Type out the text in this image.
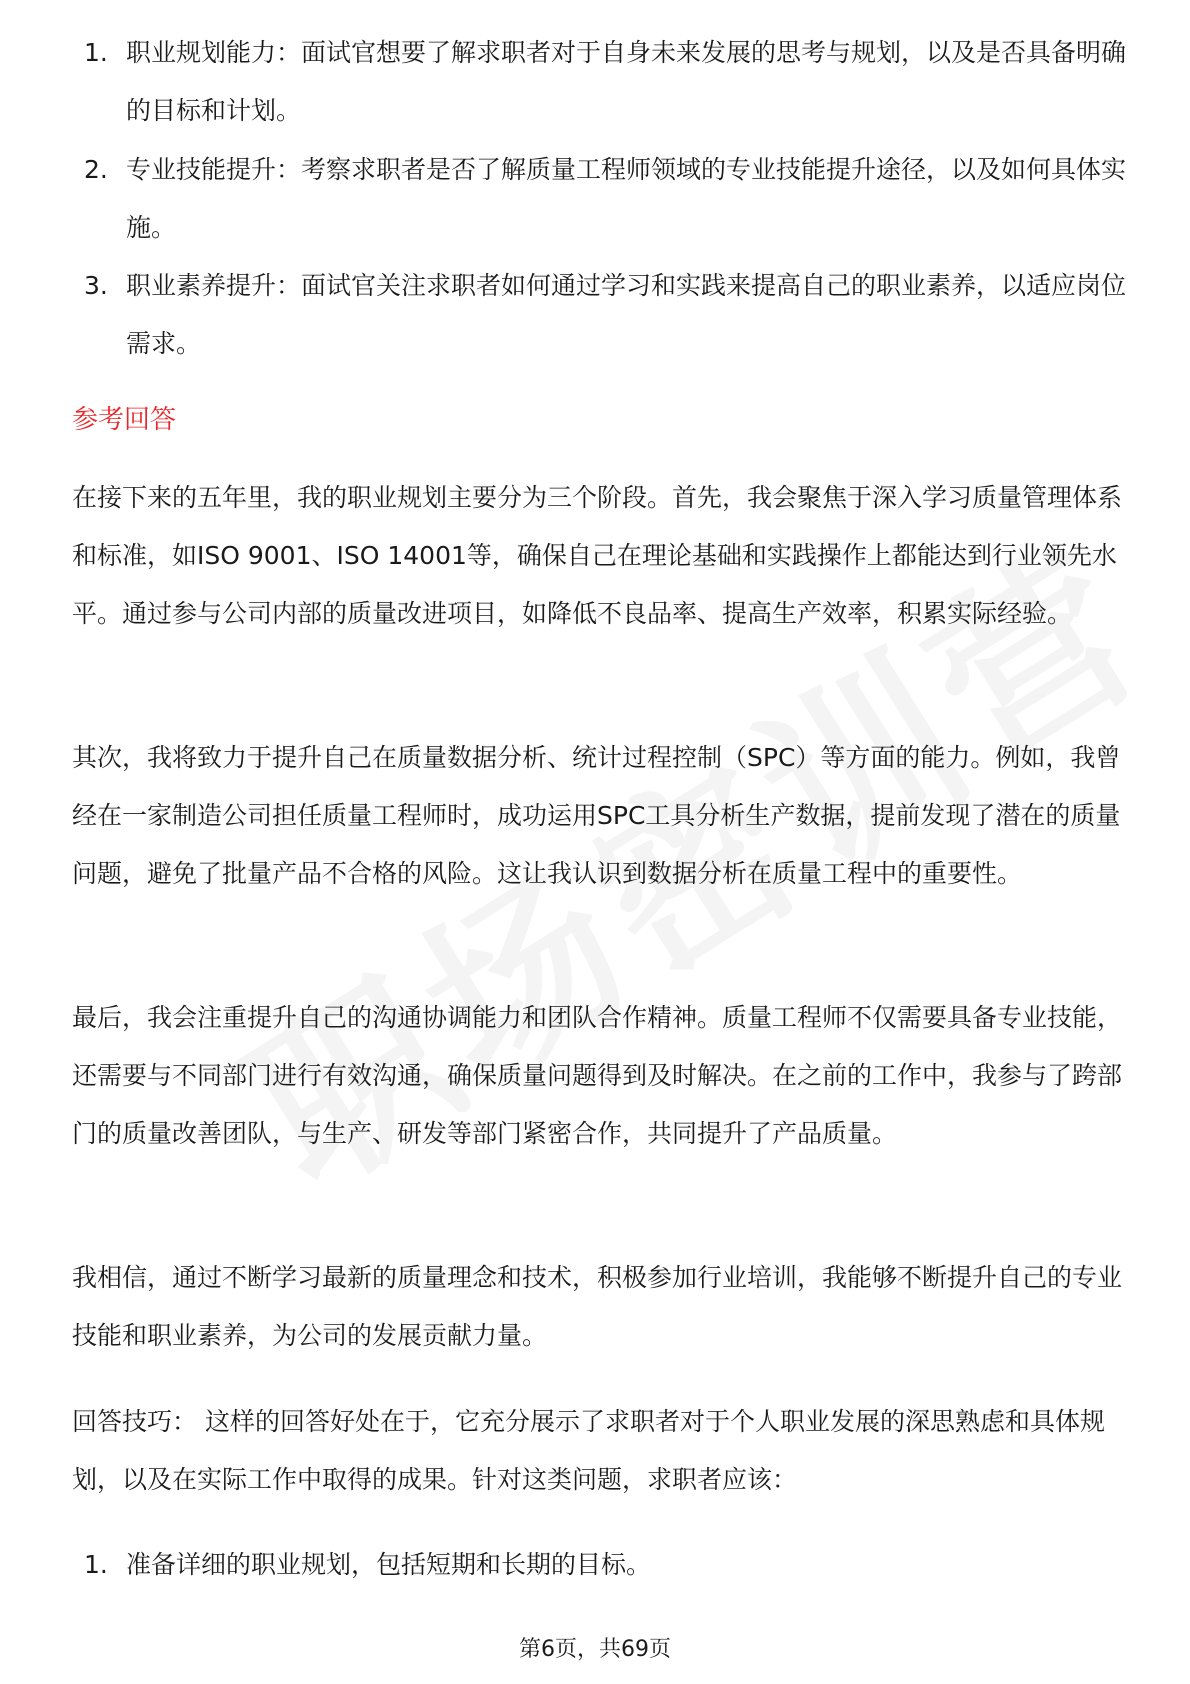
1. 职业规划能力：面试官想要了解求职者对于自身未来发展的思考与规划，以及是否具备明确的目标和计划。
2. 专业技能提升：考察求职者是否了解质量工程师领域的专业技能提升途径，以及如何具体实施。
3. 职业素养提升：面试官关注求职者如何通过学习和实践来提高自己的职业素养，以适应岗位需求。
参考回答
在接下来的五年里，我的职业规划主要分为三个阶段。首先，我会聚焦于深入学习质量管理体系和标准，如ISO 9001、ISO 14001等，确保自己在理论基础和实践操作上都能达到行业领先水平。通过参与公司内部的质量改进项目，如降低不良品率、提高生产效率，积累实际经验。
其次，我将致力于提升自己在质量数据分析、统计过程控制（SPC）等方面的能力。例如，我曾经在一家制造公司担任质量工程师时，成功运用SPC工具分析生产数据，提前发现了潜在的质量问题，避免了批量产品不合格的风险。这让我认识到数据分析在质量工程中的重要性。
最后，我会注重提升自己的沟通协调能力和团队合作精神。质量工程师不仅需要具备专业技能，还需要与不同部门进行有效沟通，确保质量问题得到及时解决。在之前的工作中，我参与了跨部门的质量改善团队，与生产、研发等部门紧密合作，共同提升了产品质量。
我相信，通过不断学习最新的质量理念和技术，积极参加行业培训，我能够不断提升自己的专业技能和职业素养，为公司的发展贡献力量。
回答技巧： 这样的回答好处在于，它充分展示了求职者对于个人职业发展的深思熟虑和具体规划，以及在实际工作中取得的成果。针对这类问题，求职者应该：
1. 准备详细的职业规划，包括短期和长期的目标。
第6页，共69页
